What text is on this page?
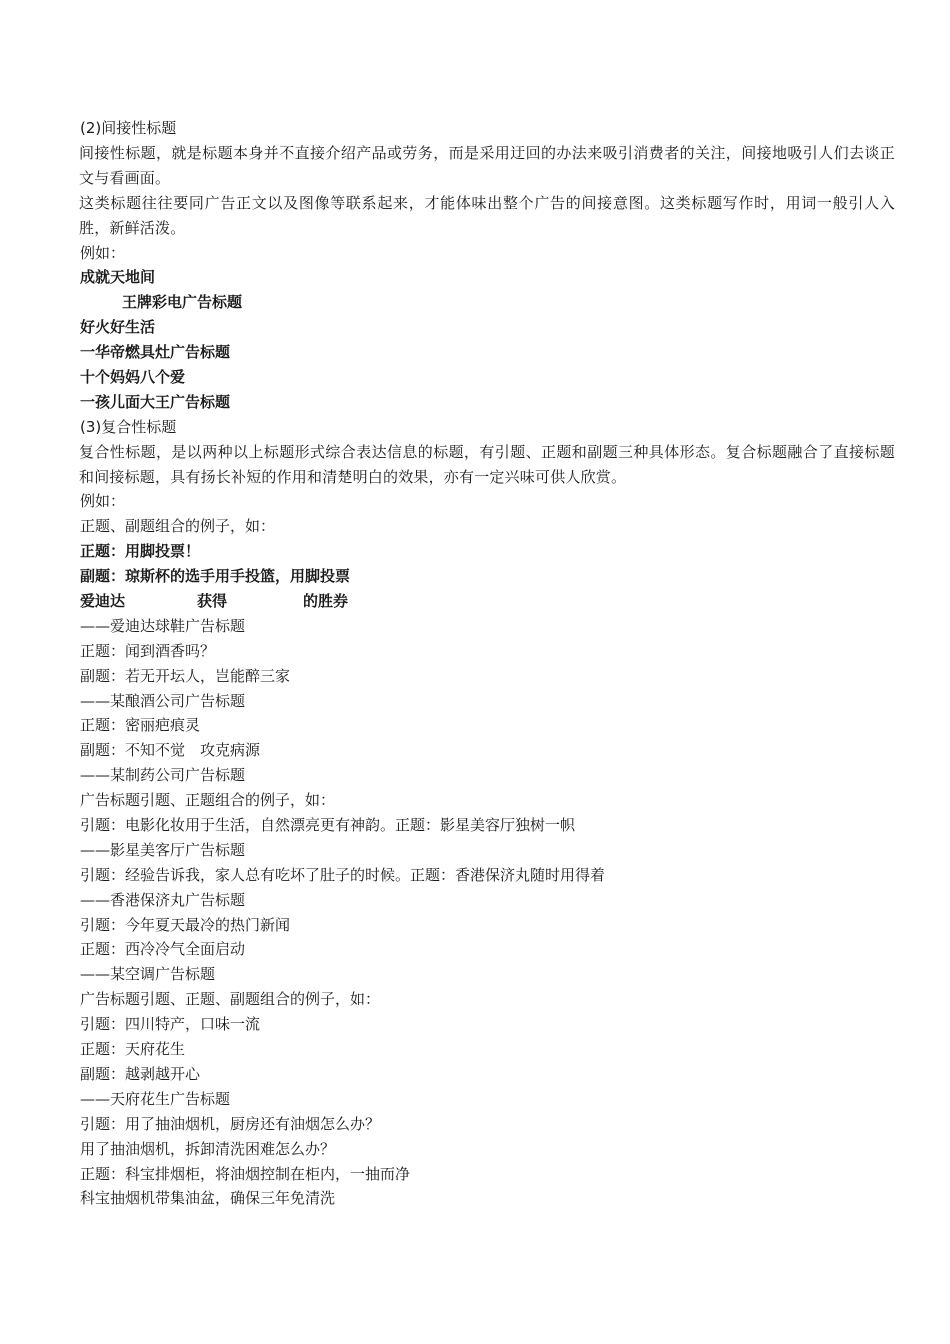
(2)间接性标题
间接性标题，就是标题本身并不直接介绍产品或劳务，而是采用迂回的办法来吸引消费者的关注，间接地吸引人们去谈正文与看画面。
这类标题往往要同广告正文以及图像等联系起来，才能体味出整个广告的间接意图。这类标题写作时，用词一般引人入胜，新鲜活泼。
例如：
成就天地间
王牌彩电广告标题
好火好生活
一华帝燃具灶广告标题
十个妈妈八个爱
一孩儿面大王广告标题
(3)复合性标题
复合性标题，是以两种以上标题形式综合表达信息的标题，有引题、正题和副题三种具体形态。复合标题融合了直接标题和间接标题，具有扬长补短的作用和清楚明白的效果，亦有一定兴味可供人欣赏。
例如：
正题、副题组合的例子，如：
正题：用脚投票！
副题：琼斯杯的选手用手投篮，用脚投票
爱迪达	获得	的胜券
——爱迪达球鞋广告标题
正题：闻到酒香吗？
副题：若无开坛人，岂能醉三家
——某酿酒公司广告标题
正题：密丽疤痕灵
副题：不知不觉　攻克病源
——某制药公司广告标题
广告标题引题、正题组合的例子，如：
引题：电影化妆用于生活，自然漂亮更有神韵。正题：影星美容厅独树一帜
——影星美客厅广告标题
引题：经验告诉我，家人总有吃坏了肚子的时候。正题：香港保济丸随时用得着
——香港保济丸广告标题
引题：今年夏天最冷的热门新闻
正题：西冷冷气全面启动
——某空调广告标题
广告标题引题、正题、副题组合的例子，如：
引题：四川特产，口味一流
正题：天府花生
副题：越剥越开心
——天府花生广告标题
引题：用了抽油烟机，厨房还有油烟怎么办？
用了抽油烟机，拆卸清洗困难怎么办？
正题：科宝排烟柜，将油烟控制在柜内，一抽而净
科宝抽烟机带集油盆，确保三年免清洗
